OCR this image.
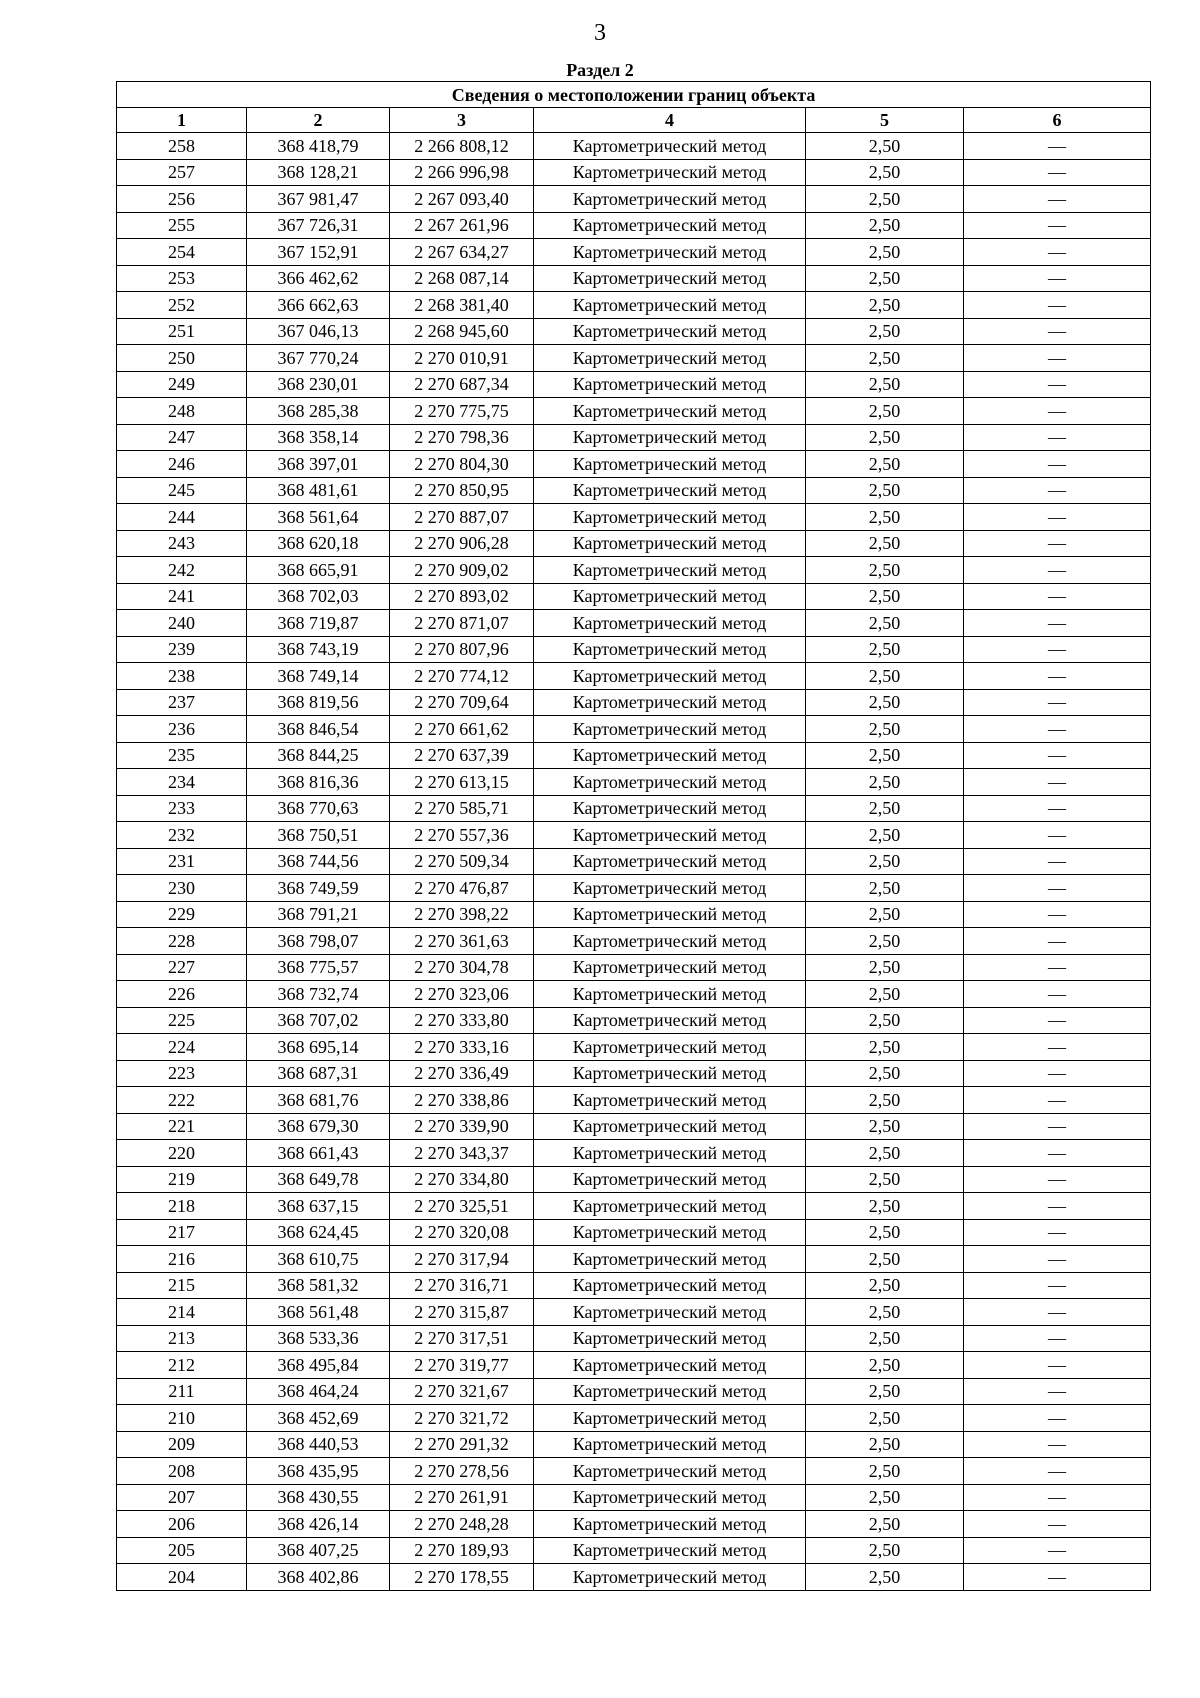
3
Раздел 2
Сведения о местоположении границ объекта					
1	2	3	4	5	6
258	368 418,79	2 266 808,12	Картометрический метод	2,50	—
257	368 128,21	2 266 996,98	Картометрический метод	2,50	—
256	367 981,47	2 267 093,40	Картометрический метод	2,50	—
255	367 726,31	2 267 261,96	Картометрический метод	2,50	—
254	367 152,91	2 267 634,27	Картометрический метод	2,50	—
253	366 462,62	2 268 087,14	Картометрический метод	2,50	—
252	366 662,63	2 268 381,40	Картометрический метод	2,50	—
251	367 046,13	2 268 945,60	Картометрический метод	2,50	—
250	367 770,24	2 270 010,91	Картометрический метод	2,50	—
249	368 230,01	2 270 687,34	Картометрический метод	2,50	—
248	368 285,38	2 270 775,75	Картометрический метод	2,50	—
247	368 358,14	2 270 798,36	Картометрический метод	2,50	—
246	368 397,01	2 270 804,30	Картометрический метод	2,50	—
245	368 481,61	2 270 850,95	Картометрический метод	2,50	—
244	368 561,64	2 270 887,07	Картометрический метод	2,50	—
243	368 620,18	2 270 906,28	Картометрический метод	2,50	—
242	368 665,91	2 270 909,02	Картометрический метод	2,50	—
241	368 702,03	2 270 893,02	Картометрический метод	2,50	—
240	368 719,87	2 270 871,07	Картометрический метод	2,50	—
239	368 743,19	2 270 807,96	Картометрический метод	2,50	—
238	368 749,14	2 270 774,12	Картометрический метод	2,50	—
237	368 819,56	2 270 709,64	Картометрический метод	2,50	—
236	368 846,54	2 270 661,62	Картометрический метод	2,50	—
235	368 844,25	2 270 637,39	Картометрический метод	2,50	—
234	368 816,36	2 270 613,15	Картометрический метод	2,50	—
233	368 770,63	2 270 585,71	Картометрический метод	2,50	—
232	368 750,51	2 270 557,36	Картометрический метод	2,50	—
231	368 744,56	2 270 509,34	Картометрический метод	2,50	—
230	368 749,59	2 270 476,87	Картометрический метод	2,50	—
229	368 791,21	2 270 398,22	Картометрический метод	2,50	—
228	368 798,07	2 270 361,63	Картометрический метод	2,50	—
227	368 775,57	2 270 304,78	Картометрический метод	2,50	—
226	368 732,74	2 270 323,06	Картометрический метод	2,50	—
225	368 707,02	2 270 333,80	Картометрический метод	2,50	—
224	368 695,14	2 270 333,16	Картометрический метод	2,50	—
223	368 687,31	2 270 336,49	Картометрический метод	2,50	—
222	368 681,76	2 270 338,86	Картометрический метод	2,50	—
221	368 679,30	2 270 339,90	Картометрический метод	2,50	—
220	368 661,43	2 270 343,37	Картометрический метод	2,50	—
219	368 649,78	2 270 334,80	Картометрический метод	2,50	—
218	368 637,15	2 270 325,51	Картометрический метод	2,50	—
217	368 624,45	2 270 320,08	Картометрический метод	2,50	—
216	368 610,75	2 270 317,94	Картометрический метод	2,50	—
215	368 581,32	2 270 316,71	Картометрический метод	2,50	—
214	368 561,48	2 270 315,87	Картометрический метод	2,50	—
213	368 533,36	2 270 317,51	Картометрический метод	2,50	—
212	368 495,84	2 270 319,77	Картометрический метод	2,50	—
211	368 464,24	2 270 321,67	Картометрический метод	2,50	—
210	368 452,69	2 270 321,72	Картометрический метод	2,50	—
209	368 440,53	2 270 291,32	Картометрический метод	2,50	—
208	368 435,95	2 270 278,56	Картометрический метод	2,50	—
207	368 430,55	2 270 261,91	Картометрический метод	2,50	—
206	368 426,14	2 270 248,28	Картометрический метод	2,50	—
205	368 407,25	2 270 189,93	Картометрический метод	2,50	—
204	368 402,86	2 270 178,55	Картометрический метод	2,50	—
